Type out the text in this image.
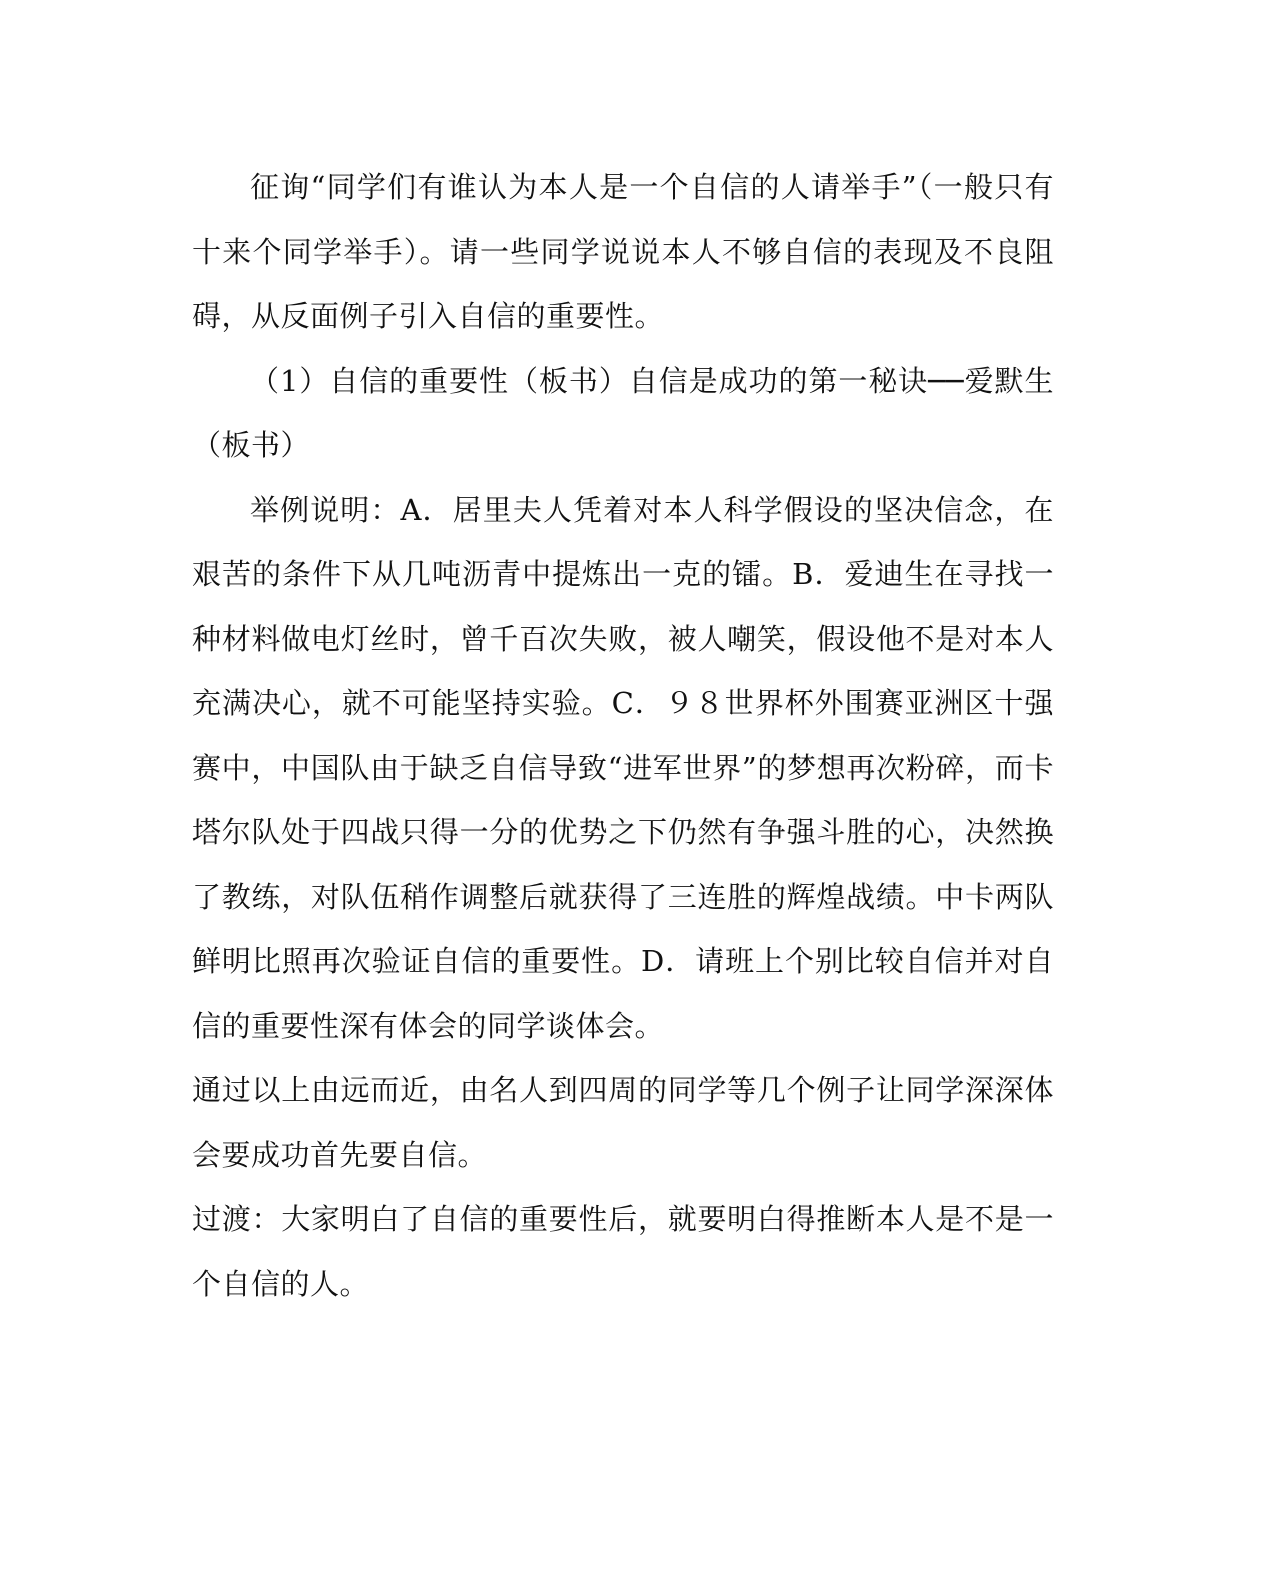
征询“同学们有谁认为本人是一个自信的人请举手”（一般只有十来个同学举手）。请一些同学说说本人不够自信的表现及不良阻碍，从反面例子引入自信的重要性。

（1）自信的重要性（板书）自信是成功的第一秘诀──爱默生（板书）

举例说明：A．居里夫人凭着对本人科学假设的坚决信念，在艰苦的条件下从几吨沥青中提炼出一克的镭。B．爱迪生在寻找一种材料做电灯丝时，曾千百次失败，被人嘲笑，假设他不是对本人充满决心，就不可能坚持实验。C．９８世界杯外围赛亚洲区十强赛中，中国队由于缺乏自信导致“进军世界”的梦想再次粉碎，而卡塔尔队处于四战只得一分的优势之下仍然有争强斗胜的心，决然换了教练，对队伍稍作调整后就获得了三连胜的辉煌战绩。中卡两队鲜明比照再次验证自信的重要性。D．请班上个别比较自信并对自信的重要性深有体会的同学谈体会。

通过以上由远而近，由名人到四周的同学等几个例子让同学深深体会要成功首先要自信。

过渡：大家明白了自信的重要性后，就要明白得推断本人是不是一个自信的人。
